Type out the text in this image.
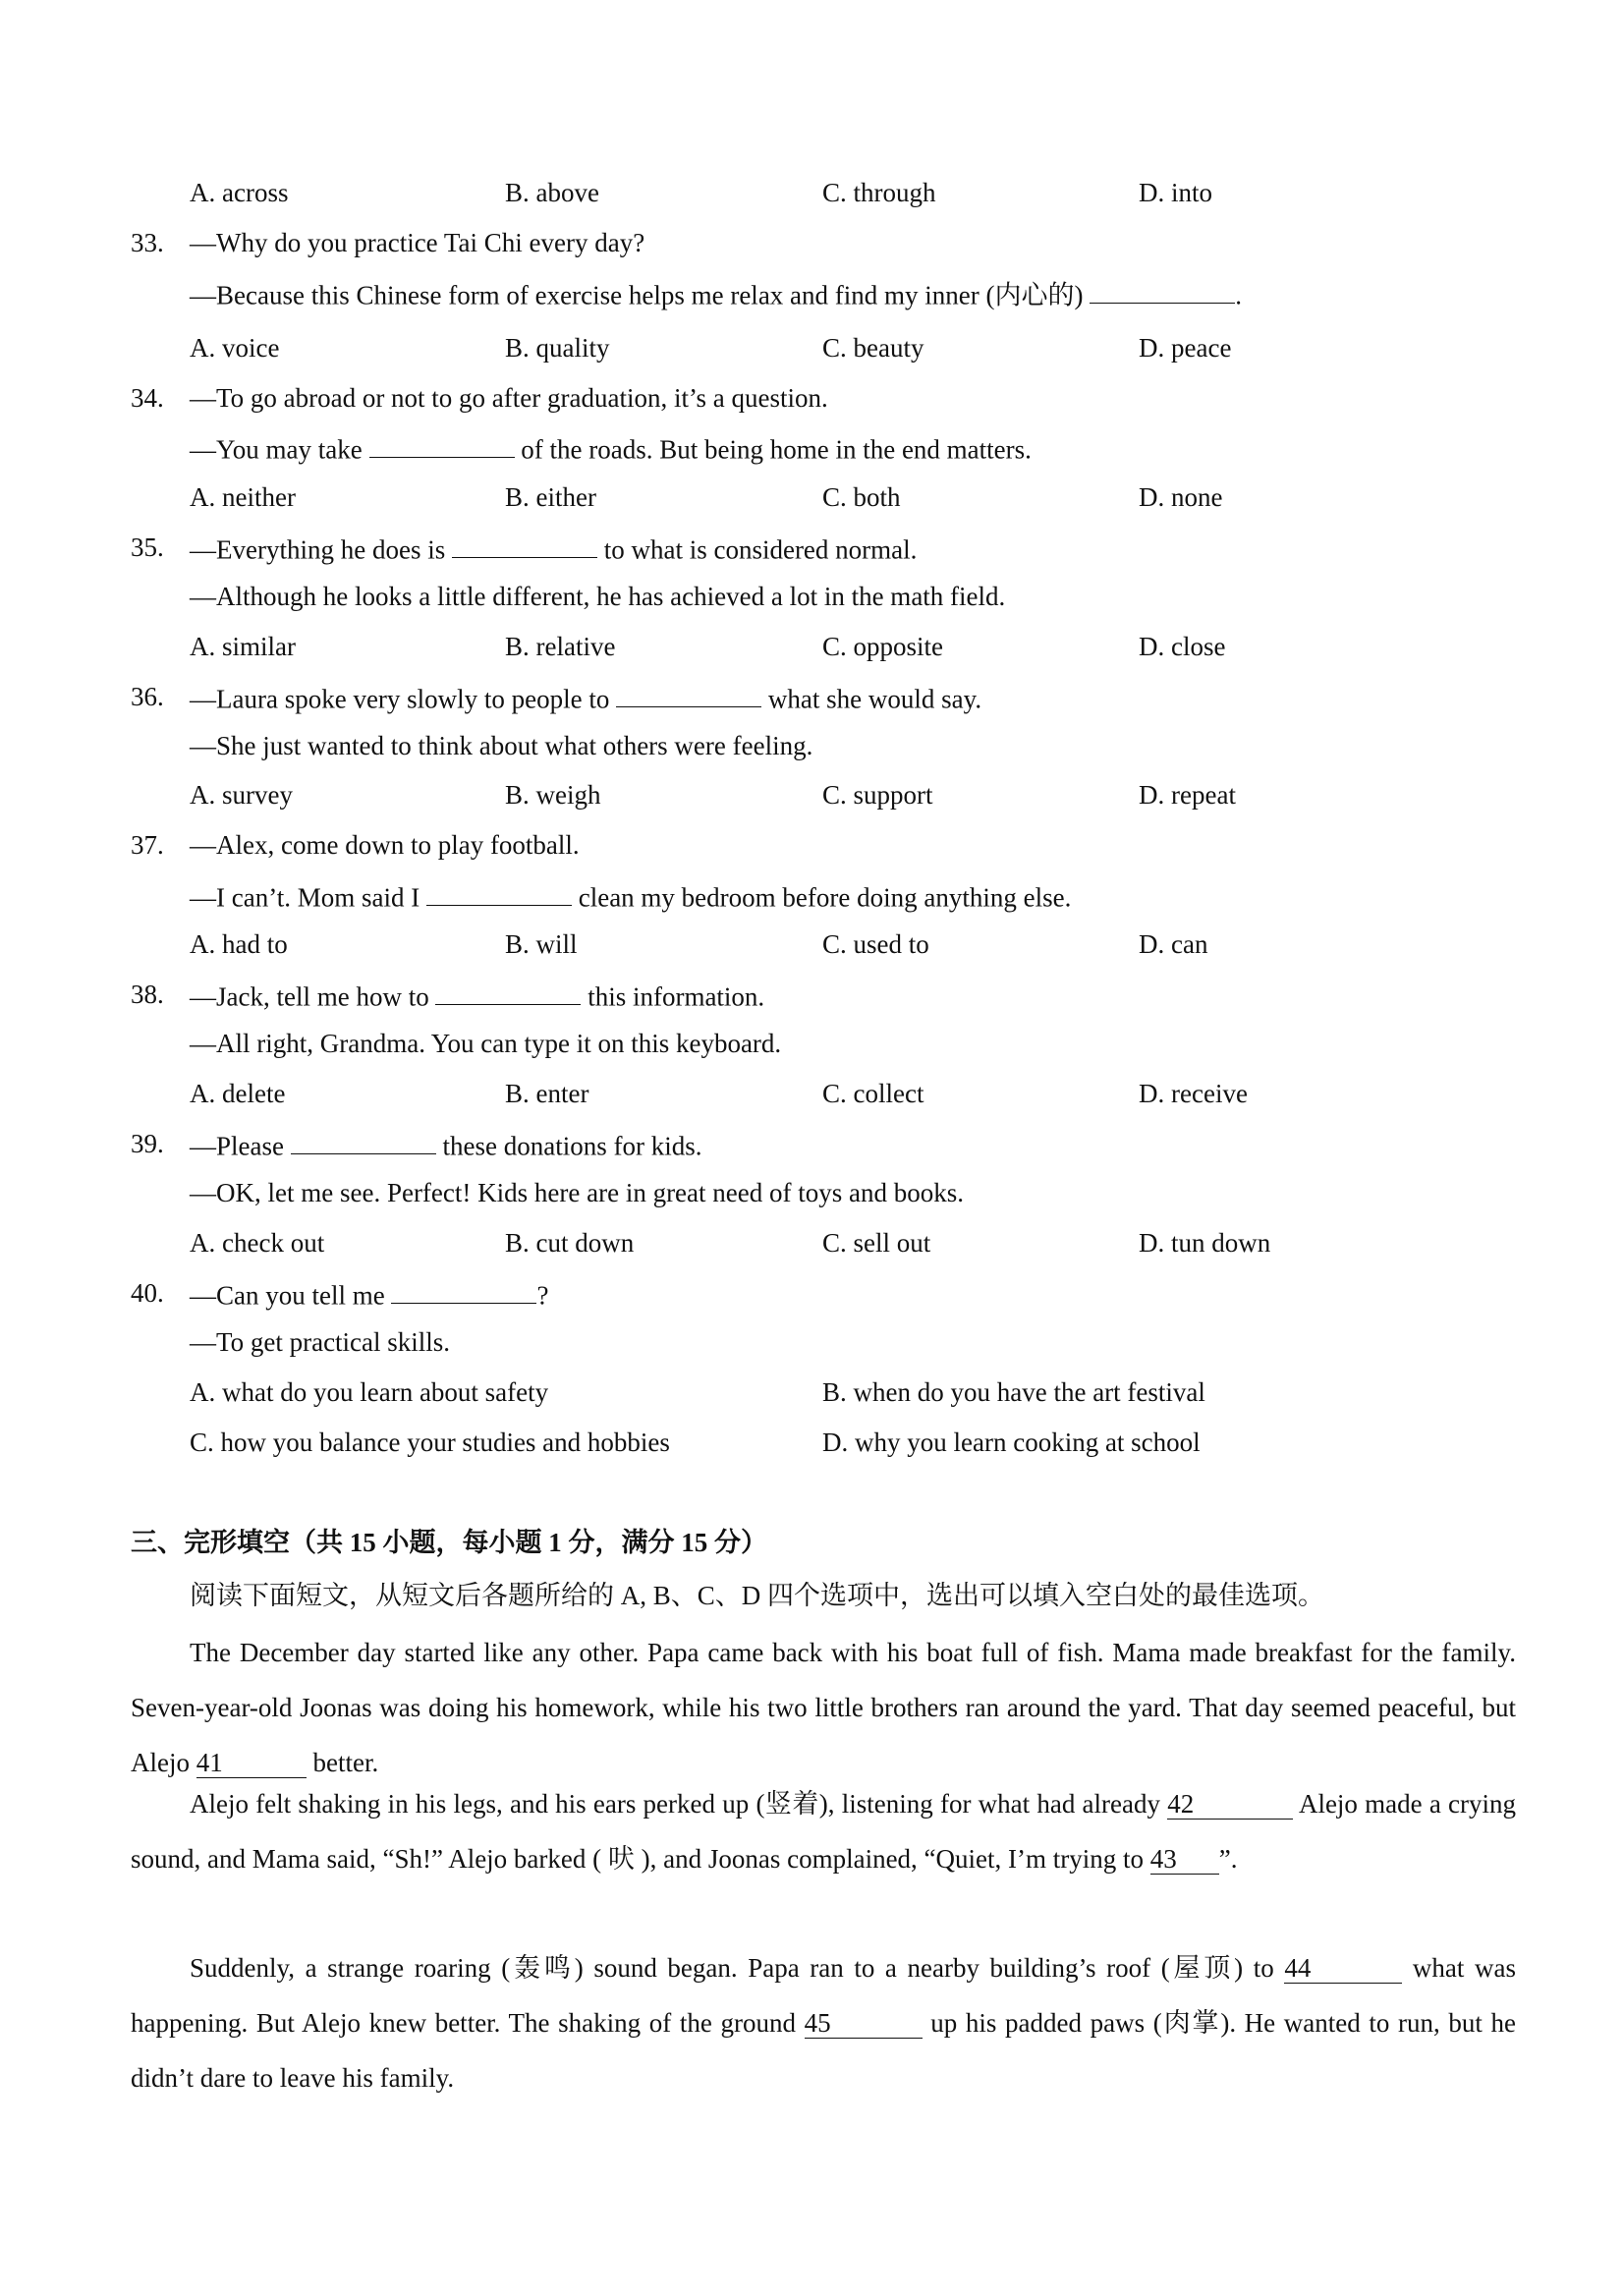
A. across	B. above	C. through	D. into
33. —Why do you practice Tai Chi every day?
—Because this Chinese form of exercise helps me relax and find my inner (内心的)	.
A. voice	B. quality	C. beauty	D. peace
34. —To go abroad or not to go after graduation, it’s a question.
—You may take	of the roads. But being home in the end matters.
A. neither	B. either	C. both	D. none
35. —Everything he does is	to what is considered normal.
—Although he looks a little different, he has achieved a lot in the math field.
A. similar	B. relative	C. opposite	D. close
36. —Laura spoke very slowly to people to	what she would say.
—She just wanted to think about what others were feeling.
A. survey	B. weigh	C. support	D. repeat
37. —Alex, come down to play football.
—I can’t. Mom said I	clean my bedroom before doing anything else.
A. had to	B. will	C. used to	D. can
38. —Jack, tell me how to	this information.
—All right, Grandma. You can type it on this keyboard.
A. delete	B. enter	C. collect	D. receive
39. —Please	these donations for kids.
—OK, let me see. Perfect! Kids here are in great need of toys and books.
A. check out	B. cut down	C. sell out	D. tun down
40. —Can you tell me	?
—To get practical skills.
A. what do you learn about safety	B. when do you have the art festival
C. how you balance your studies and hobbies	D. why you learn cooking at school
三、完形填空（共 15 小题，每小题 1 分，满分 15 分）
阅读下面短文，从短文后各题所给的 A, B、C、D 四个选项中，选出可以填入空白处的最佳选项。
The December day started like any other. Papa came back with his boat full of fish. Mama made breakfast for the family. Seven-year-old Joonas was doing his homework, while his two little brothers ran around the yard. That day seemed peaceful, but Alejo 41	better.
Alejo felt shaking in his legs, and his ears perked up (竖着), listening for what had already 42	Alejo made a crying sound, and Mama said, “Sh!” Alejo barked ( 吠 ), and Joonas complained, “Quiet, I’m trying to 43 ”.
Suddenly, a strange roaring (轰鸣) sound began. Papa ran to a nearby building’s roof (屋顶) to 44	what was happening. But Alejo knew better. The shaking of the ground 45	up his padded paws (肉掌). He wanted to run, but he didn’t dare to leave his family.
